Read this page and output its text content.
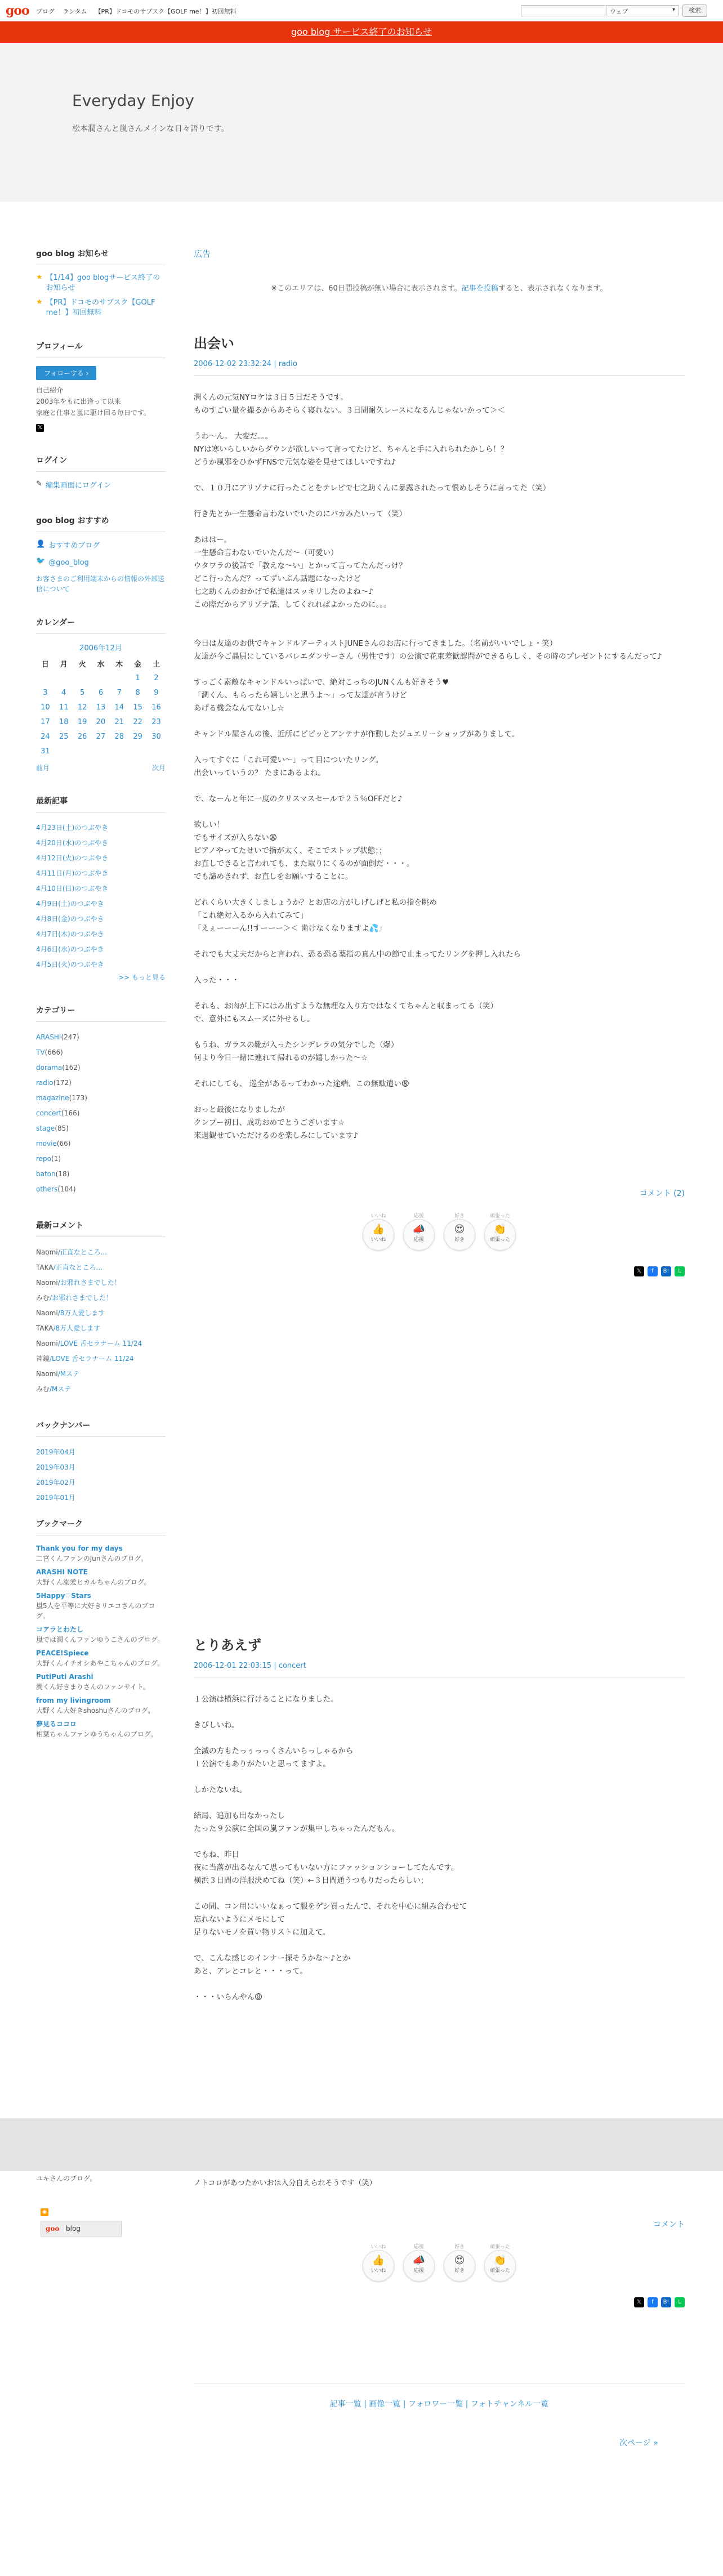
goo ブログ ランタム 【PR】ドコモのサブスク【GOLF me！】初回無料	ウェブ ▾	検索
goo blog サービス終了のお知らせ
Everyday Enjoy
松本潤さんと嵐さんメインな日々語りです。
goo blog お知らせ
★ 【1/14】goo blogサービス終了のお知らせ
★ 【PR】ドコモのサブスク【GOLF me！】初回無料
プロフィール
フォローする ›
自己紹介
2003年をもに出逢って以来
家庭と仕事と嵐に駆け回る毎日です。
𝕏
ログイン
✎ 編集画面にログイン
goo blog おすすめ
👤 おすすめブログ
🐦 @goo_blog
お客さまのご利用端末からの情報の外部送信について
カレンダー
2006年12月
日	月	火	水	木	金	土
					1	2
3	4	5	6	7	8	9
10	11	12	13	14	15	16
17	18	19	20	21	22	23
24	25	26	27	28	29	30
31						
前月	次月
最新記事
4月23日(土)のつぶやき
4月20日(水)のつぶやき
4月12日(火)のつぶやき
4月11日(月)のつぶやき
4月10日(日)のつぶやき
4月9日(土)のつぶやき
4月8日(金)のつぶやき
4月7日(木)のつぶやき
4月6日(水)のつぶやき
4月5日(火)のつぶやき
>> もっと見る
カテゴリー
ARASHI(247)
TV(666)
dorama(162)
radio(172)
magazine(173)
concert(166)
stage(85)
movie(66)
repo(1)
baton(18)
others(104)
最新コメント
Naomi/正直なところ...
TAKA/正直なところ...
Naomi/お邪れさまでした！
みむ/お邪れさまでした！
Naomi/8万人愛します
TAKA/8万人愛します
Naomi/LOVE 舌セラナーム 11/24
神鏡/LOVE 舌セラナーム 11/24
Naomi/Mステ
みむ/Mステ
バックナンバー
2019年04月
2019年03月
2019年02月
2019年01月
ブックマーク
Thank you for my days
二宮くんファンのJunさんのブログ。
ARASHI NOTE
大野くん溺愛ヒカルちゃんのブログ。
5Happy♡Stars
嵐5人を平等に大好きリエコさんのブログ。
コアラとわたし
嵐では潤くんファンゆうこさんのブログ。
PEACE!Spiece
大野くんイチオシあやこちゃんのブログ。
PutiPuti Arashi
潤くん好きまりさんのファンサイト。
from my livingroom
大野くん大好きshoshuさんのブログ。
夢見るココロ
相葉ちゃんファンゆうちゃんのブログ。
ユキさんのブログ。
◉
goo blog
広告
※このエリアは、60日間投稿が無い場合に表示されます。記事を投稿すると、表示されなくなります。
出会い
2006-12-02 23:32:24 | radio

潤くんの元気NYロケは３日５日だそうです。
ものすごい量を撮るからあそらく寝れない。３日間耐久レースになるんじゃないかって＞＜

うわ～ん。 大変だ。。。
NYは寒いらしいからダウンが欲しいって言ってたけど、ちゃんと手に入れられたかしら！？
どうか風邪をひかずFNSで元気な姿を見せてほしいですね♪

で、１０月にアリゾナに行ったことをテレビで七之助くんに暴露されたって恨めしそうに言ってた（笑）

行き先とか一生懸命言わないでいたのにバカみたいって（笑）

あははー。
一生懸命言わないでいたんだ～（可愛い）
ウタワラの後話で「教えな～い」とかって言ってたんだっけ？
どこ行ったんだ？ってずいぶん話題になったけど
七之助くんのおかげで私達はスッキリしたのよね～♪
この際だからアリゾナ話、してくれればよかったのに。。。

今日は友達のお供でキャンドルアーティストJUNEさんのお店に行ってきました。（名前がいいでしょ・笑）
友達が今ご贔屓にしているバレエダンサーさん（男性です）の公演で花束差歓認問ができるらしく、その時のプレゼントにするんだって♪

すっごく素敵なキャンドルいっぱいで、絶対こっちのJUNくんも好きそう♥
「潤くん、もらったら嬉しいと思うよ～」って友達が言うけど
あげる機会なんてないし☆

キャンドル屋さんの後、近所にピピッとアンテナが作動したジュエリーショップがありまして。

入ってすぐに「これ可愛い～」って目についたリング。
出会いっていうの？ たまにあるよね。

で、なーんと年に一度のクリスマスセールで２５％OFFだと♪

欲しい！
でもサイズが入らない😩
ピアノやってたせいで指が太く、そこでストップ状態；；
お直しできると言われても、また取りにくるのが面倒だ・・・。
でも諦めきれず、お直しをお願いすることに。

どれくらい大きくしましょうか？とお店の方がしげしげと私の指を眺め
「これ絶対入るから入れてみて」
「えぇーーーん!!すーーー＞＜ 歯けなくなりますよ💦」

それでも大丈夫だからと言われ、恐る恐る薬指の真ん中の節で止まってたリングを押し入れたら

入った・・・

それも、お肉が上下にはみ出すような無理な入り方ではなくてちゃんと収まってる（笑）
で、意外にもスムーズに外せるし。

もうね、ガラスの靴が入ったシンデレラの気分でした（爆）
何より今日一緒に連れて帰れるのが嬉しかった～☆

それにしても、 巡全があるってわかった途端、この無駄遣い😩

おっと最後になりましたが
クンプー初日、成功おめでとうございます☆
来週観せていただけるのを楽しみにしています♪

コメント (2)
いいね
👍
いいね
応援
📣
応援
好き
😍
好き
頑張った
👏
頑張った
𝕏	f	B!	L
とりあえず
2006-12-01 22:03:15 | concert

１公演は横浜に行けることになりました。

きびしいね。

全滅の方もたっぅっっくさんいらっしゃるから
１公演でもありがたいと思ってますよ。

しかたないね。

結局、追加も出なかったし
たった９公演に全国の嵐ファンが集中しちゃったんだもん。

でもね、昨日
夜に当落が出るなんて思ってもいない方にファッションショーしてたんです。
横浜３日間の洋服決めてね（笑）←３日間通うつもりだったらしい；

この間、コン用にいいなぁって服をゲシ買ったんで、それを中心に組み合わせて
忘れないようにメモにして
足りないモノを買い物リストに加えて。

で、こんな感じのインナー探そうかな～♪とか
あと、アレとコレと・・・って。

・・・いらんやん😩

ノトコロがあつたかいおは入分自えられそうです（笑）
コメント
いいね
👍
いいね
応援
📣
応援
好き
😍
好き
頑張った
👏
頑張った
𝕏	f	B!	L
記事一覧 | 画像一覧 | フォロワー一覧 | フォトチャンネル一覧
次ページ »
